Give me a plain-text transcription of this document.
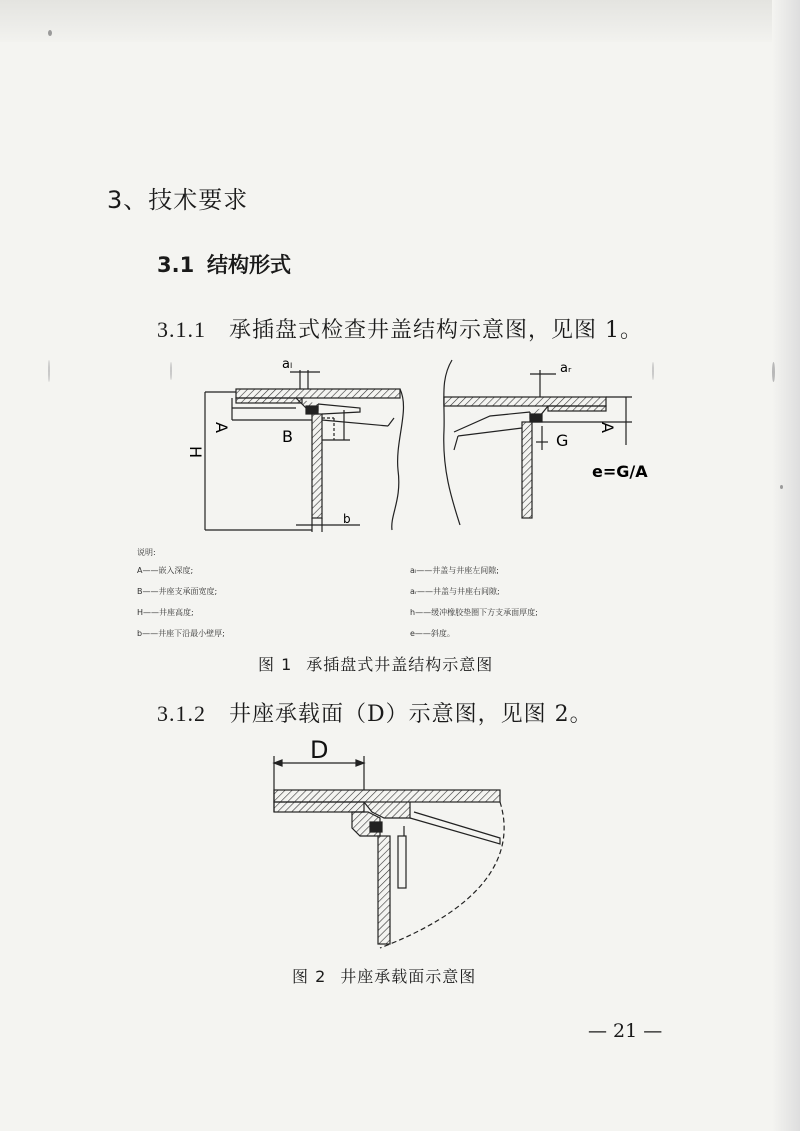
3、技术要求
3.1 结构形式
3.1.1 承插盘式检查井盖结构示意图，见图 1。
aₗ	aᵣ
A	A
B
H
b
G
e=G/A
说明:
A——嵌入深度;
B——井座支承面宽度;
H——井座高度;
b——井座下沿最小壁厚;
aₗ——井盖与井座左间隙;
aᵣ——井盖与井座右间隙;
h——缓冲橡胶垫圈下方支承面厚度;
e——斜度。
图 1 承插盘式井盖结构示意图
3.1.2 井座承载面（D）示意图，见图 2。
D
图 2 井座承载面示意图
— 21 —
